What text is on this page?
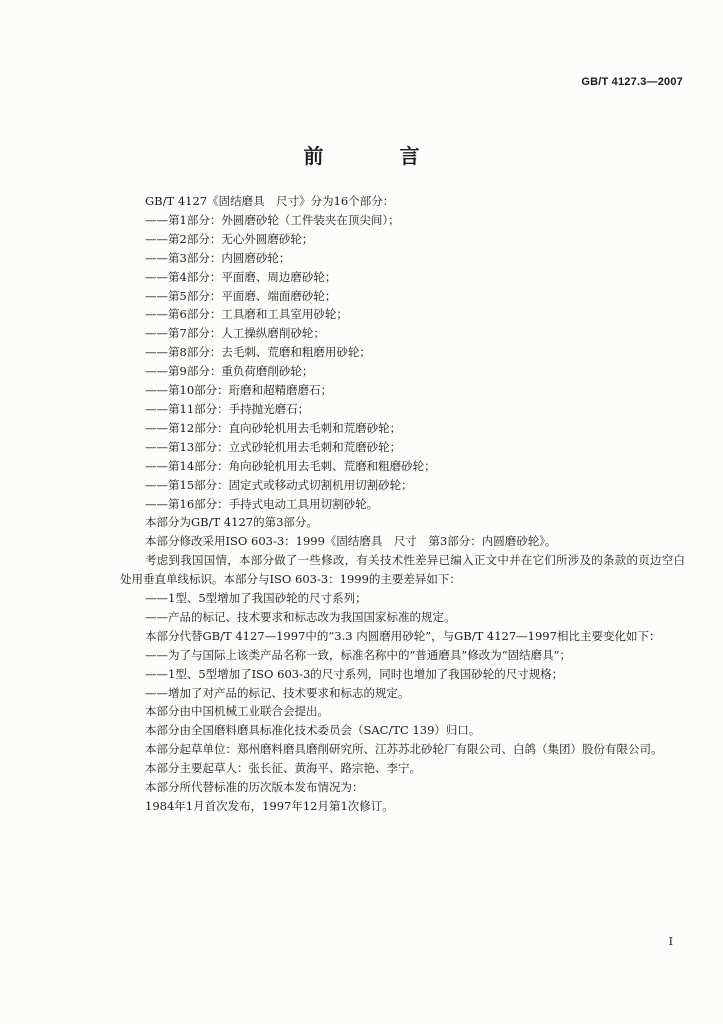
GB/T 4127.3—2007
前　言
GB/T 4127《固结磨具　尺寸》分为16个部分：
——第1部分：外圆磨砂轮（工件装夹在顶尖间）；
——第2部分：无心外圆磨砂轮；
——第3部分：内圆磨砂轮；
——第4部分：平面磨、周边磨砂轮；
——第5部分：平面磨、端面磨砂轮；
——第6部分：工具磨和工具室用砂轮；
——第7部分：人工操纵磨削砂轮；
——第8部分：去毛刺、荒磨和粗磨用砂轮；
——第9部分：重负荷磨削砂轮；
——第10部分：珩磨和超精磨磨石；
——第11部分：手持抛光磨石；
——第12部分：直向砂轮机用去毛刺和荒磨砂轮；
——第13部分：立式砂轮机用去毛刺和荒磨砂轮；
——第14部分：角向砂轮机用去毛刺、荒磨和粗磨砂轮；
——第15部分：固定式或移动式切割机用切割砂轮；
——第16部分：手持式电动工具用切割砂轮。
本部分为GB/T 4127的第3部分。
本部分修改采用ISO 603-3：1999《固结磨具　尺寸　第3部分：内圆磨砂轮》。
考虑到我国国情，本部分做了一些修改，有关技术性差异已编入正文中并在它们所涉及的条款的页边空白处用垂直单线标识。本部分与ISO 603-3：1999的主要差异如下：
——1型、5型增加了我国砂轮的尺寸系列；
——产品的标记、技术要求和标志改为我国国家标准的规定。
本部分代替GB/T 4127—1997中的“3.3 内圆磨用砂轮”，与GB/T 4127—1997相比主要变化如下：
——为了与国际上该类产品名称一致，标准名称中的“普通磨具”修改为“固结磨具”；
——1型、5型增加了ISO 603-3的尺寸系列，同时也增加了我国砂轮的尺寸规格；
——增加了对产品的标记、技术要求和标志的规定。
本部分由中国机械工业联合会提出。
本部分由全国磨料磨具标准化技术委员会（SAC/TC 139）归口。
本部分起草单位：郑州磨料磨具磨削研究所、江苏苏北砂轮厂有限公司、白鸽（集团）股份有限公司。
本部分主要起草人：张长征、黄海平、路宗艳、李宁。
本部分所代替标准的历次版本发布情况为：
1984年1月首次发布，1997年12月第1次修订。
I
